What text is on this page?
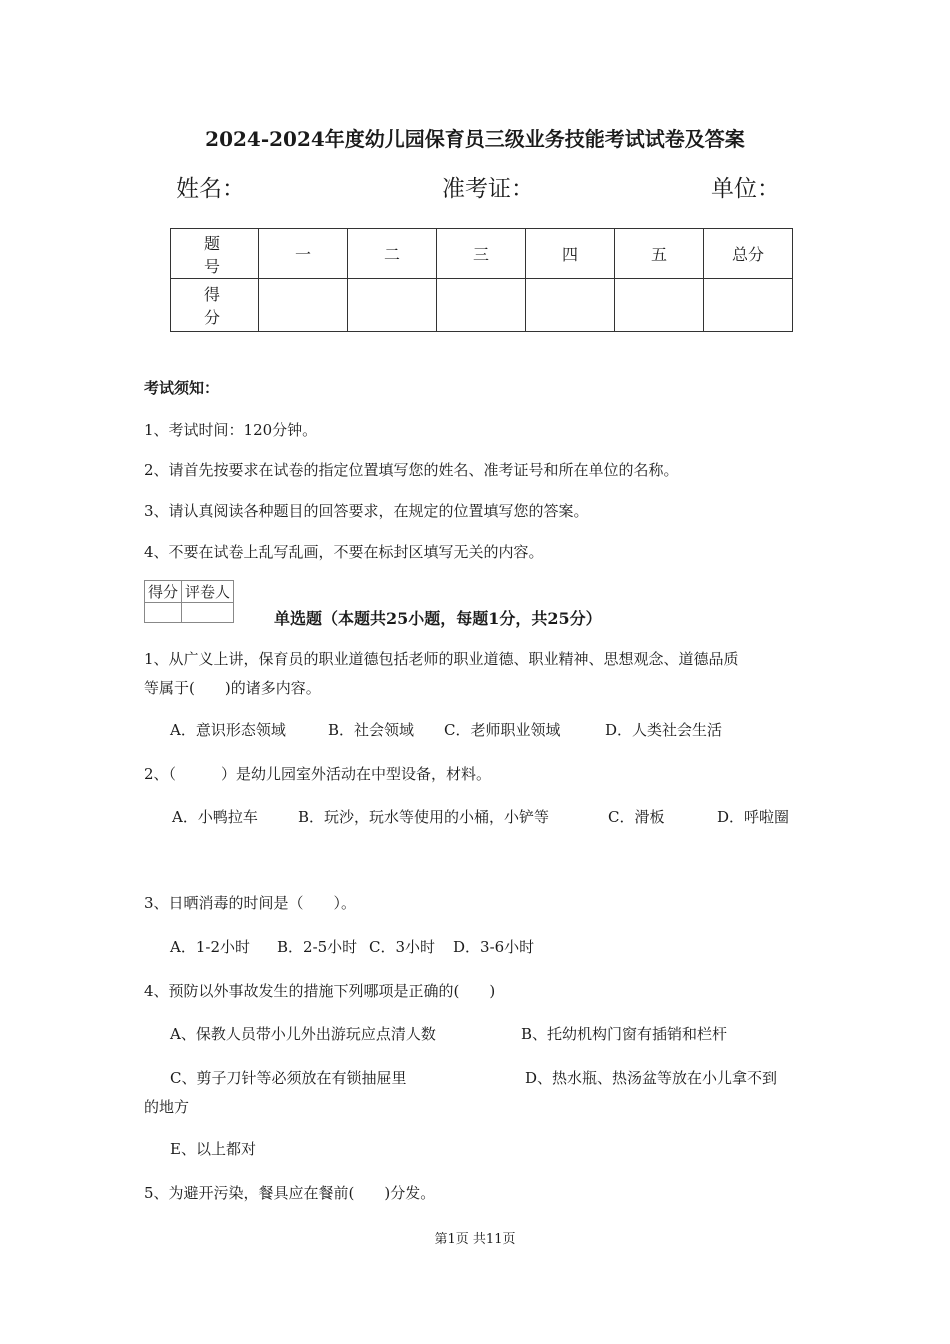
2024-2024年度幼儿园保育员三级业务技能考试试卷及答案
姓名：	准考证：	单位：
题　号	一	二	三	四	五	总分
得　分						
考试须知：
1、考试时间：120分钟。
2、请首先按要求在试卷的指定位置填写您的姓名、准考证号和所在单位的名称。
3、请认真阅读各种题目的回答要求，在规定的位置填写您的答案。
4、不要在试卷上乱写乱画，不要在标封区填写无关的内容。
得分	评卷人

单选题（本题共25小题，每题1分，共25分）
1、从广义上讲，保育员的职业道德包括老师的职业道德、职业精神、思想观念、道德品质
等属于(　　)的诸多内容。
A．意识形态领域	B．社会领域 C．老师职业领域	D．人类社会生活
2、（　　　）是幼儿园室外活动在中型设备，材料。
A．小鸭拉车	B．玩沙，玩水等使用的小桶，小铲等	C．滑板	D．呼啦圈
3、日晒消毒的时间是（　　）。
A．1-2小时 B．2-5小时 C．3小时 D．3-6小时
4、预防以外事故发生的措施下列哪项是正确的(　　)
A、保教人员带小儿外出游玩应点清人数	B、托幼机构门窗有插销和栏杆
C、剪子刀针等必须放在有锁抽屉里	D、热水瓶、热汤盆等放在小儿拿不到
的地方
E、以上都对
5、为避开污染，餐具应在餐前(　　)分发。
第1页 共11页
